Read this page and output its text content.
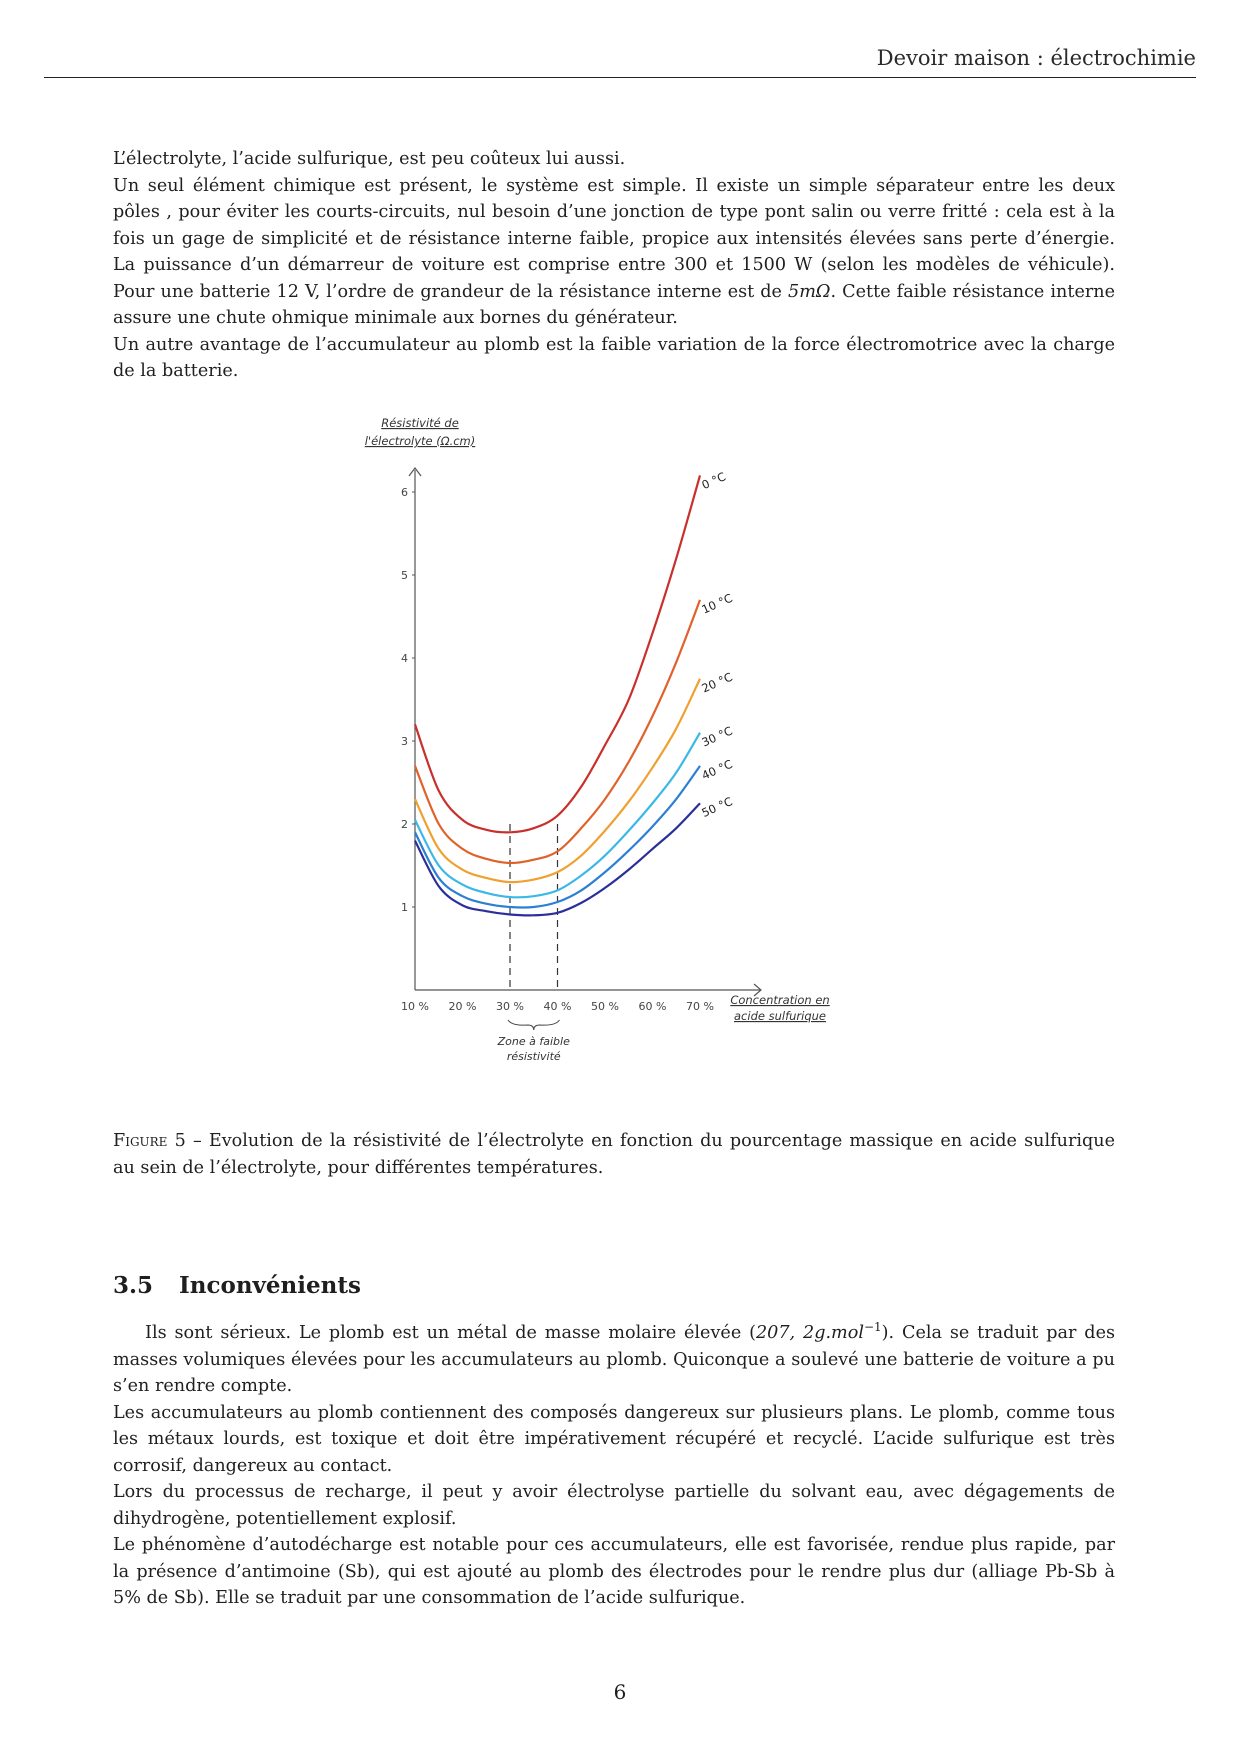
Devoir maison : électrochimie

L’électrolyte, l’acide sulfurique, est peu coûteux lui aussi.

Un seul élément chimique est présent, le système est simple. Il existe un simple séparateur entre les deux pôles , pour éviter les courts-circuits, nul besoin d’une jonction de type pont salin ou verre fritté : cela est à la fois un gage de simplicité et de résistance interne faible, propice aux intensités élevées sans perte d’énergie. La puissance d’un démarreur de voiture est comprise entre 300 et 1500 W (selon les modèles de véhicule). Pour une batterie 12 V, l’ordre de grandeur de la résistance interne est de 5mΩ. Cette faible résistance interne assure une chute ohmique minimale aux bornes du générateur.

Un autre avantage de l’accumulateur au plomb est la faible variation de la force électromotrice avec la charge de la batterie.

Résistivité de
l'électrolyte (Ω.cm)
Concentration en
acide sulfurique
1
2
3
4
5
6
10 % 20 % 30 % 40 % 50 % 60 % 70 %
Zone à faible
résistivité
0 °C
10 °C
20 °C
30 °C
40 °C
50 °C
Figure 5 – Evolution de la résistivité de l’électrolyte en fonction du pourcentage massique en acide sulfurique au sein de l’électrolyte, pour différentes températures.
3.5 Inconvénients

Ils sont sérieux. Le plomb est un métal de masse molaire élevée (207, 2g.mol$^{-1}$). Cela se traduit par des masses volumiques élevées pour les accumulateurs au plomb. Quiconque a soulevé une batterie de voiture a pu s’en rendre compte.

Les accumulateurs au plomb contiennent des composés dangereux sur plusieurs plans. Le plomb, comme tous les métaux lourds, est toxique et doit être impérativement récupéré et recyclé. L’acide sulfurique est très corrosif, dangereux au contact.

Lors du processus de recharge, il peut y avoir électrolyse partielle du solvant eau, avec dégagements de dihydrogène, potentiellement explosif.

Le phénomène d’autodécharge est notable pour ces accumulateurs, elle est favorisée, rendue plus rapide, par la présence d’antimoine (Sb), qui est ajouté au plomb des électrodes pour le rendre plus dur (alliage Pb-Sb à 5% de Sb). Elle se traduit par une consommation de l’acide sulfurique.

6
